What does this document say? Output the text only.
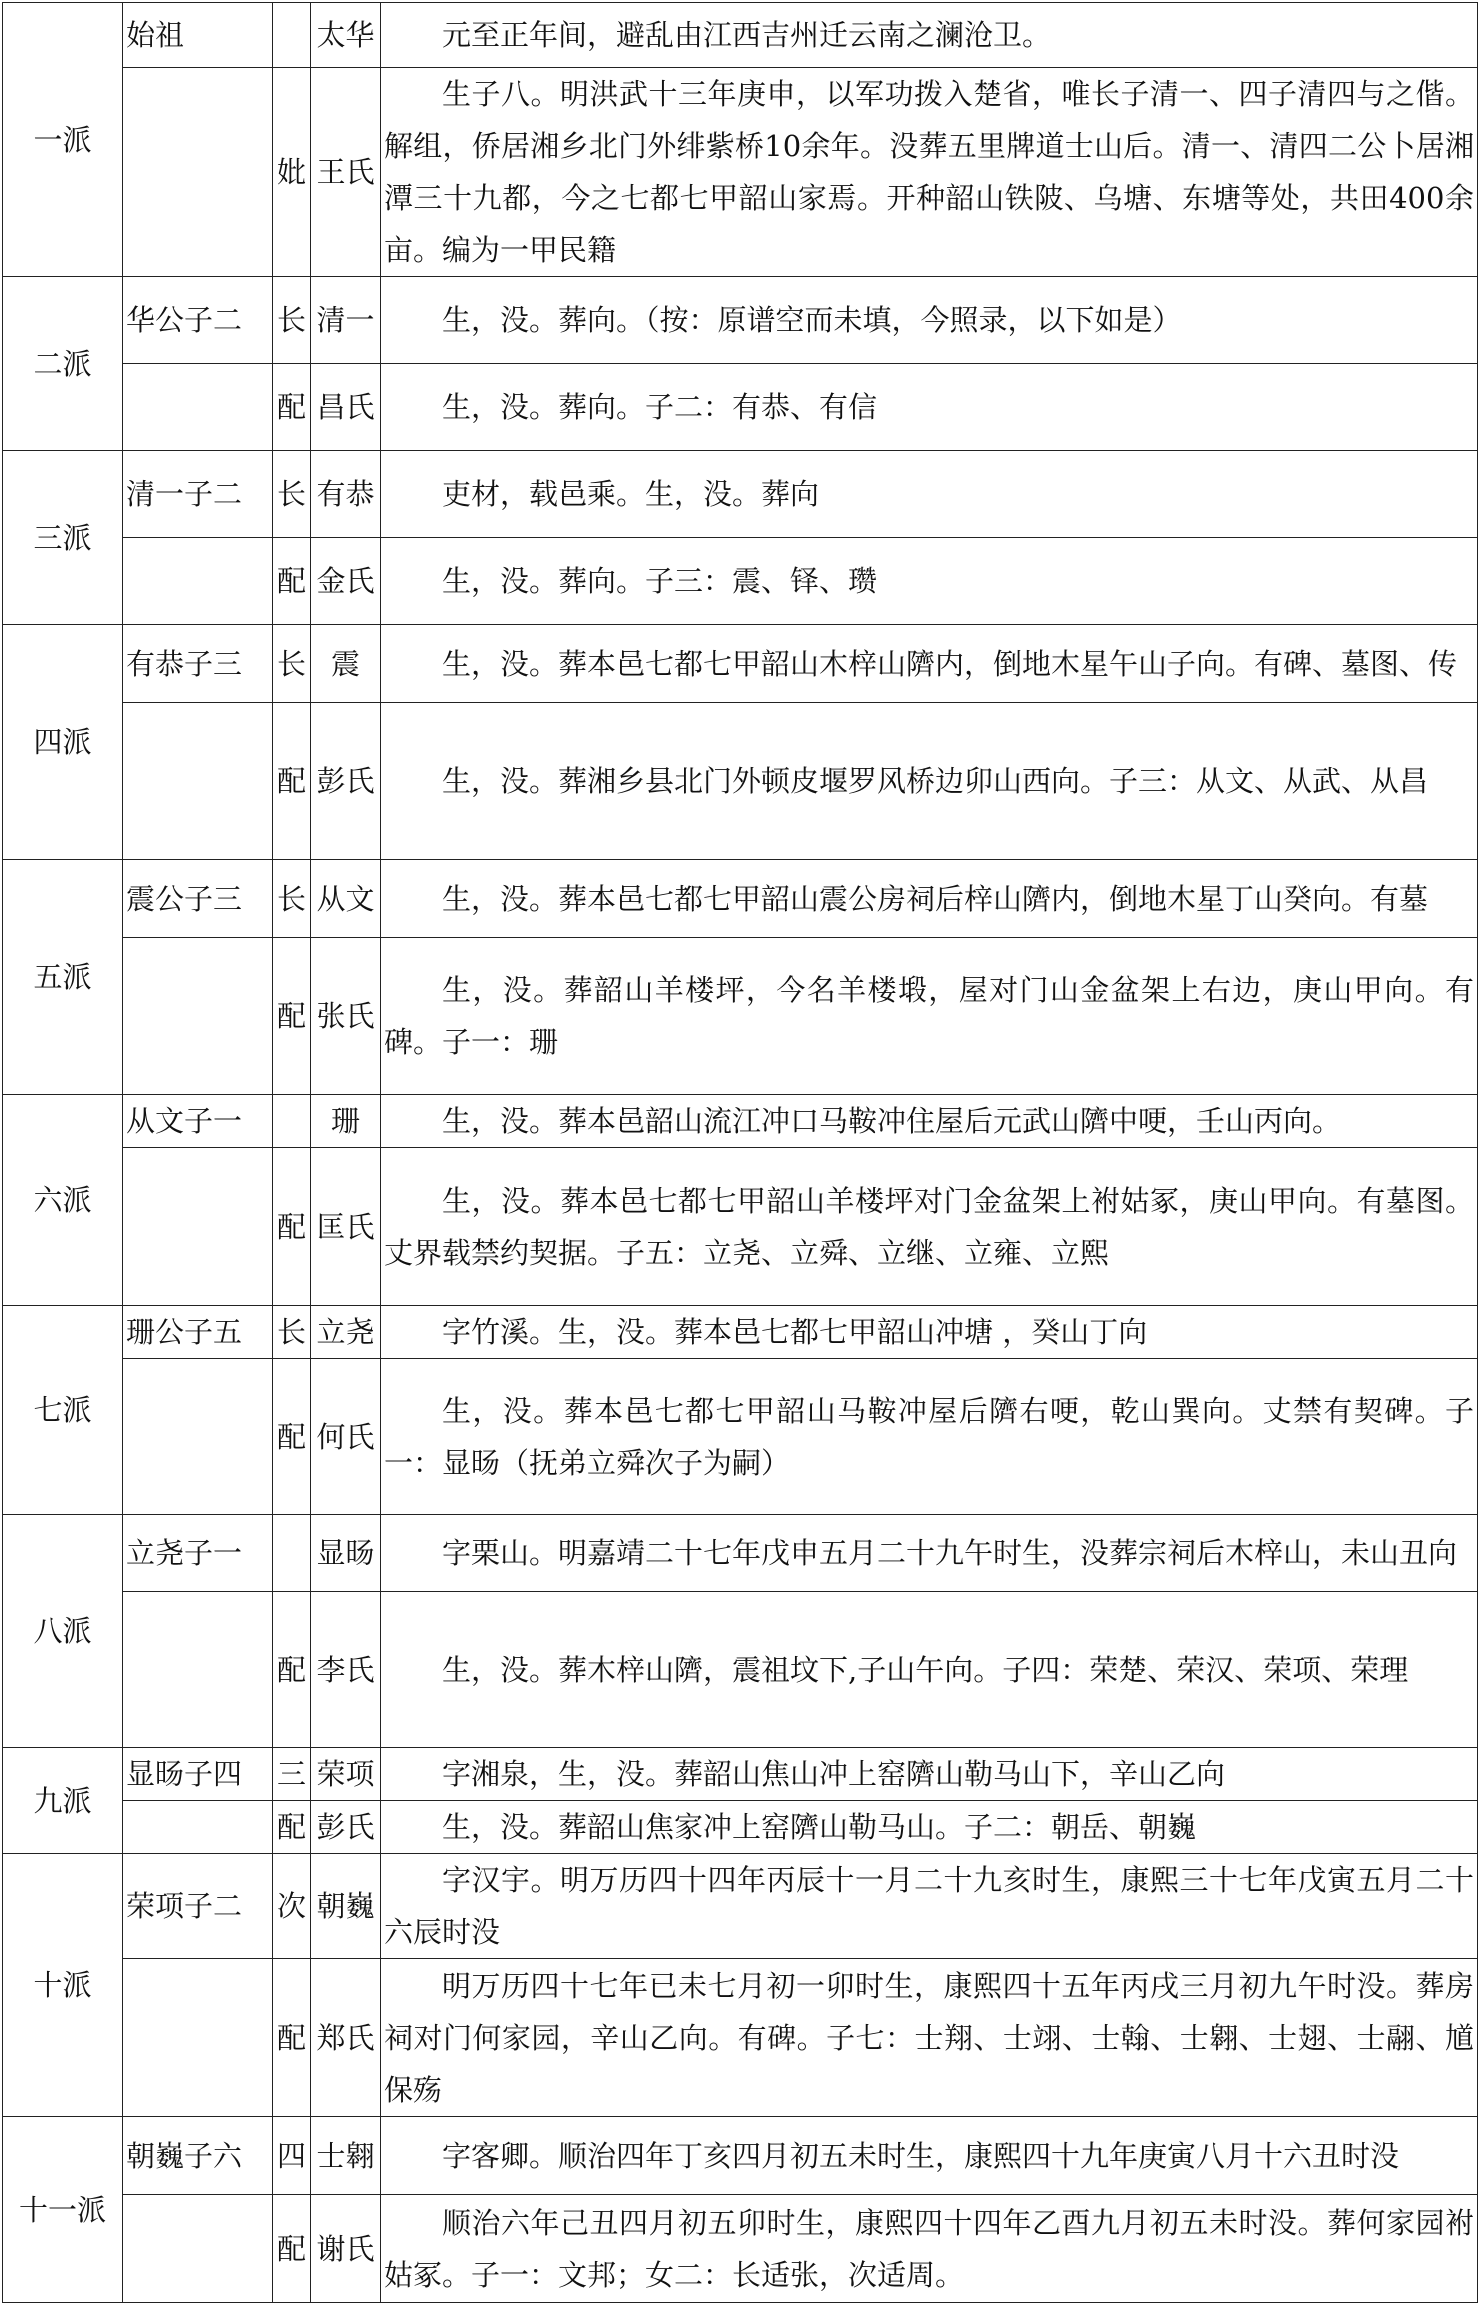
一派	始祖		太华	元至正年间，避乱由江西吉州迁云南之澜沧卫。

		妣	王氏	生子八。明洪武十三年庚申，以军功拨入楚省，唯长子清一、四子清四与之偕。解组，侨居湘乡北门外绯紫桥10余年。没葬五里牌道士山后。清一、清四二公卜居湘潭三十九都，今之七都七甲韶山家焉。开种韶山铁陂、乌塘、东塘等处，共田400余亩。编为一甲民籍

二派	华公子二	长	清一	生，没。葬向。（按：原谱空而未填，今照录，以下如是）

		配	昌氏	生，没。葬向。子二：有恭、有信

三派	清一子二	长	有恭	吏材，载邑乘。生，没。葬向

		配	金氏	生，没。葬向。子三：震、铎、瓒

四派	有恭子三	长	震	生，没。葬本邑七都七甲韶山木梓山隮内，倒地木星午山子向。有碑、墓图、传

		配	彭氏	生，没。葬湘乡县北门外顿皮堰罗风桥边卯山西向。子三：从文、从武、从昌

五派	震公子三	长	从文	生，没。葬本邑七都七甲韶山震公房祠后梓山隮内，倒地木星丁山癸向。有墓

		配	张氏	生，没。葬韶山羊楼坪，今名羊楼塅，屋对门山金盆架上右边，庚山甲向。有碑。子一：珊

六派	从文子一		珊	生，没。葬本邑韶山流江冲口马鞍冲住屋后元武山隮中哽，壬山丙向。

		配	匡氏	生，没。葬本邑七都七甲韶山羊楼坪对门金盆架上袝姑冢，庚山甲向。有墓图。丈界载禁约契据。子五：立尧、立舜、立继、立雍、立熙

七派	珊公子五	长	立尧	字竹溪。生，没。葬本邑七都七甲韶山冲塘 ，癸山丁向

		配	何氏	生，没。葬本邑七都七甲韶山马鞍冲屋后隮右哽，乾山巽向。丈禁有契碑。子一：显旸（抚弟立舜次子为嗣）

八派	立尧子一		显旸	字栗山。明嘉靖二十七年戊申五月二十九午时生，没葬宗祠后木梓山，未山丑向

		配	李氏	生，没。葬木梓山隮，震祖坟下,子山午向。子四：荣楚、荣汉、荣项、荣理

九派	显旸子四	三	荣项	字湘泉，生，没。葬韶山焦山冲上窑隮山勒马山下，辛山乙向

		配	彭氏	生，没。葬韶山焦家冲上窑隮山勒马山。子二：朝岳、朝巍

十派	荣项子二	次	朝巍	字汉宇。明万历四十四年丙辰十一月二十九亥时生，康熙三十七年戊寅五月二十六辰时没

		配	郑氏	明万历四十七年已未七月初一卯时生，康熙四十五年丙戌三月初九午时没。葬房祠对门何家园，辛山乙向。有碑。子七：士翔、士翊、士翰、士翱、士翅、士翮、馗保殇

十一派	朝巍子六	四	士翱	字客卿。顺治四年丁亥四月初五未时生，康熙四十九年庚寅八月十六丑时没

		配	谢氏	顺治六年己丑四月初五卯时生，康熙四十四年乙酉九月初五未时没。葬何家园袝姑冢。子一：文邦；女二：长适张，次适周。
